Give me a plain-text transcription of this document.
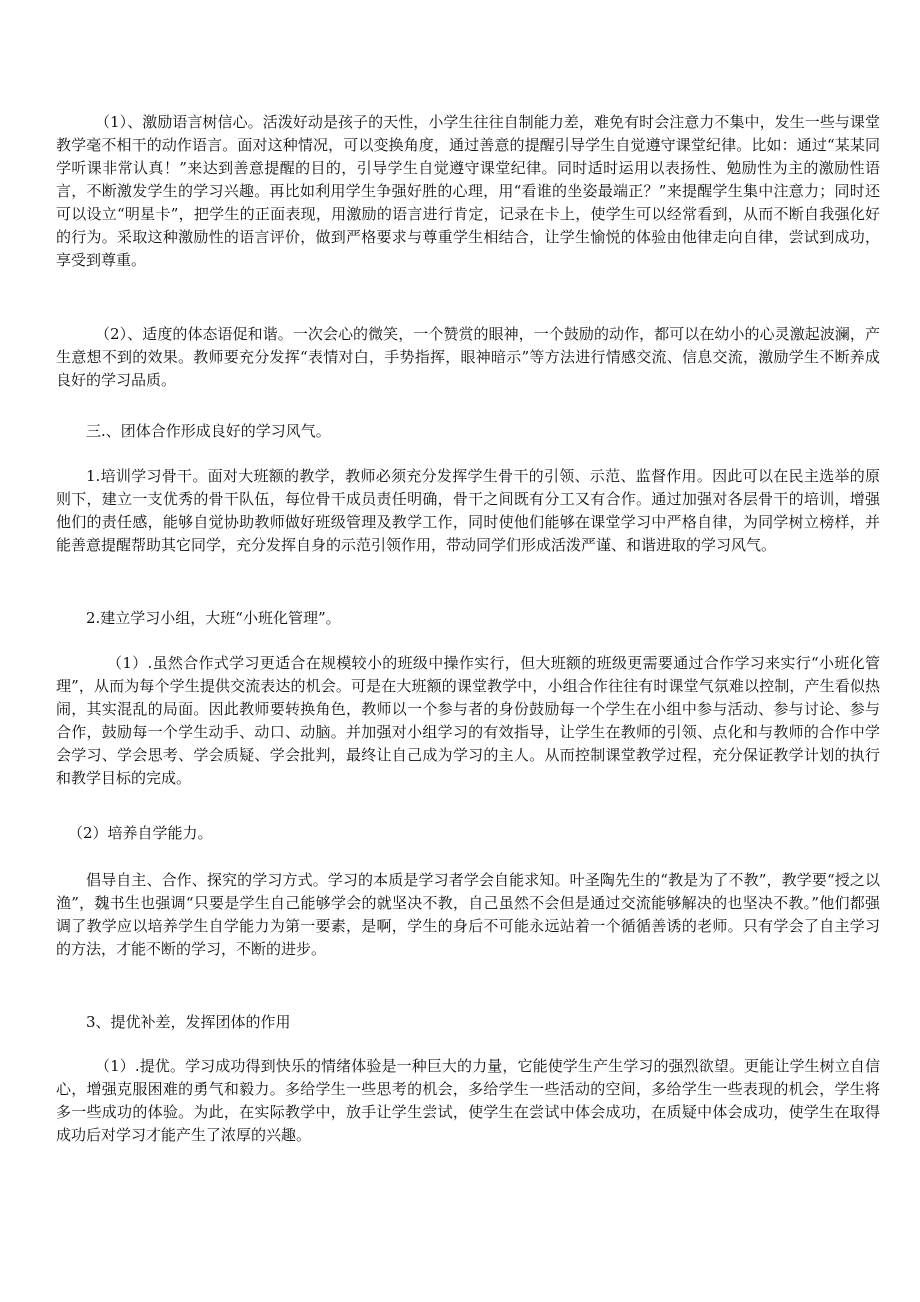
（1）、激励语言树信心。活泼好动是孩子的天性，小学生往往自制能力差，难免有时会注意力不集中，发生一些与课堂教学毫不相干的动作语言。面对这种情况，可以变换角度，通过善意的提醒引导学生自觉遵守课堂纪律。比如：通过“某某同学听课非常认真！”来达到善意提醒的目的，引导学生自觉遵守课堂纪律。同时适时运用以表扬性、勉励性为主的激励性语言，不断激发学生的学习兴趣。再比如利用学生争强好胜的心理，用“看谁的坐姿最端正？”来提醒学生集中注意力；同时还可以设立“明星卡”，把学生的正面表现，用激励的语言进行肯定，记录在卡上，使学生可以经常看到，从而不断自我强化好的行为。采取这种激励性的语言评价，做到严格要求与尊重学生相结合，让学生愉悦的体验由他律走向自律，尝试到成功，享受到尊重。

（2）、适度的体态语促和谐。一次会心的微笑，一个赞赏的眼神，一个鼓励的动作，都可以在幼小的心灵激起波澜，产生意想不到的效果。教师要充分发挥“表情对白，手势指挥，眼神暗示”等方法进行情感交流、信息交流，激励学生不断养成良好的学习品质。

三.、团体合作形成良好的学习风气。

1.培训学习骨干。面对大班额的教学，教师必须充分发挥学生骨干的引领、示范、监督作用。因此可以在民主选举的原则下，建立一支优秀的骨干队伍，每位骨干成员责任明确，骨干之间既有分工又有合作。通过加强对各层骨干的培训，增强他们的责任感，能够自觉协助教师做好班级管理及教学工作，同时使他们能够在课堂学习中严格自律，为同学树立榜样，并能善意提醒帮助其它同学，充分发挥自身的示范引领作用，带动同学们形成活泼严谨、和谐进取的学习风气。

2.建立学习小组，大班“小班化管理”。

（1）.虽然合作式学习更适合在规模较小的班级中操作实行，但大班额的班级更需要通过合作学习来实行“小班化管理”，从而为每个学生提供交流表达的机会。可是在大班额的课堂教学中，小组合作往往有时课堂气氛难以控制，产生看似热闹，其实混乱的局面。因此教师要转换角色，教师以一个参与者的身份鼓励每一个学生在小组中参与活动、参与讨论、参与合作，鼓励每一个学生动手、动口、动脑。并加强对小组学习的有效指导，让学生在教师的引领、点化和与教师的合作中学会学习、学会思考、学会质疑、学会批判，最终让自己成为学习的主人。从而控制课堂教学过程，充分保证教学计划的执行和教学目标的完成。

（2）培养自学能力。

倡导自主、合作、探究的学习方式。学习的本质是学习者学会自能求知。叶圣陶先生的“教是为了不教”，教学要“授之以渔”，魏书生也强调“只要是学生自己能够学会的就坚决不教，自己虽然不会但是通过交流能够解决的也坚决不教。”他们都强调了教学应以培养学生自学能力为第一要素，是啊，学生的身后不可能永远站着一个循循善诱的老师。只有学会了自主学习的方法，才能不断的学习，不断的进步。

3、提优补差，发挥团体的作用

（1）.提优。学习成功得到快乐的情绪体验是一种巨大的力量，它能使学生产生学习的强烈欲望。更能让学生树立自信心，增强克服困难的勇气和毅力。多给学生一些思考的机会，多给学生一些活动的空间，多给学生一些表现的机会，学生将多一些成功的体验。为此，在实际教学中，放手让学生尝试，使学生在尝试中体会成功，在质疑中体会成功，使学生在取得成功后对学习才能产生了浓厚的兴趣。
